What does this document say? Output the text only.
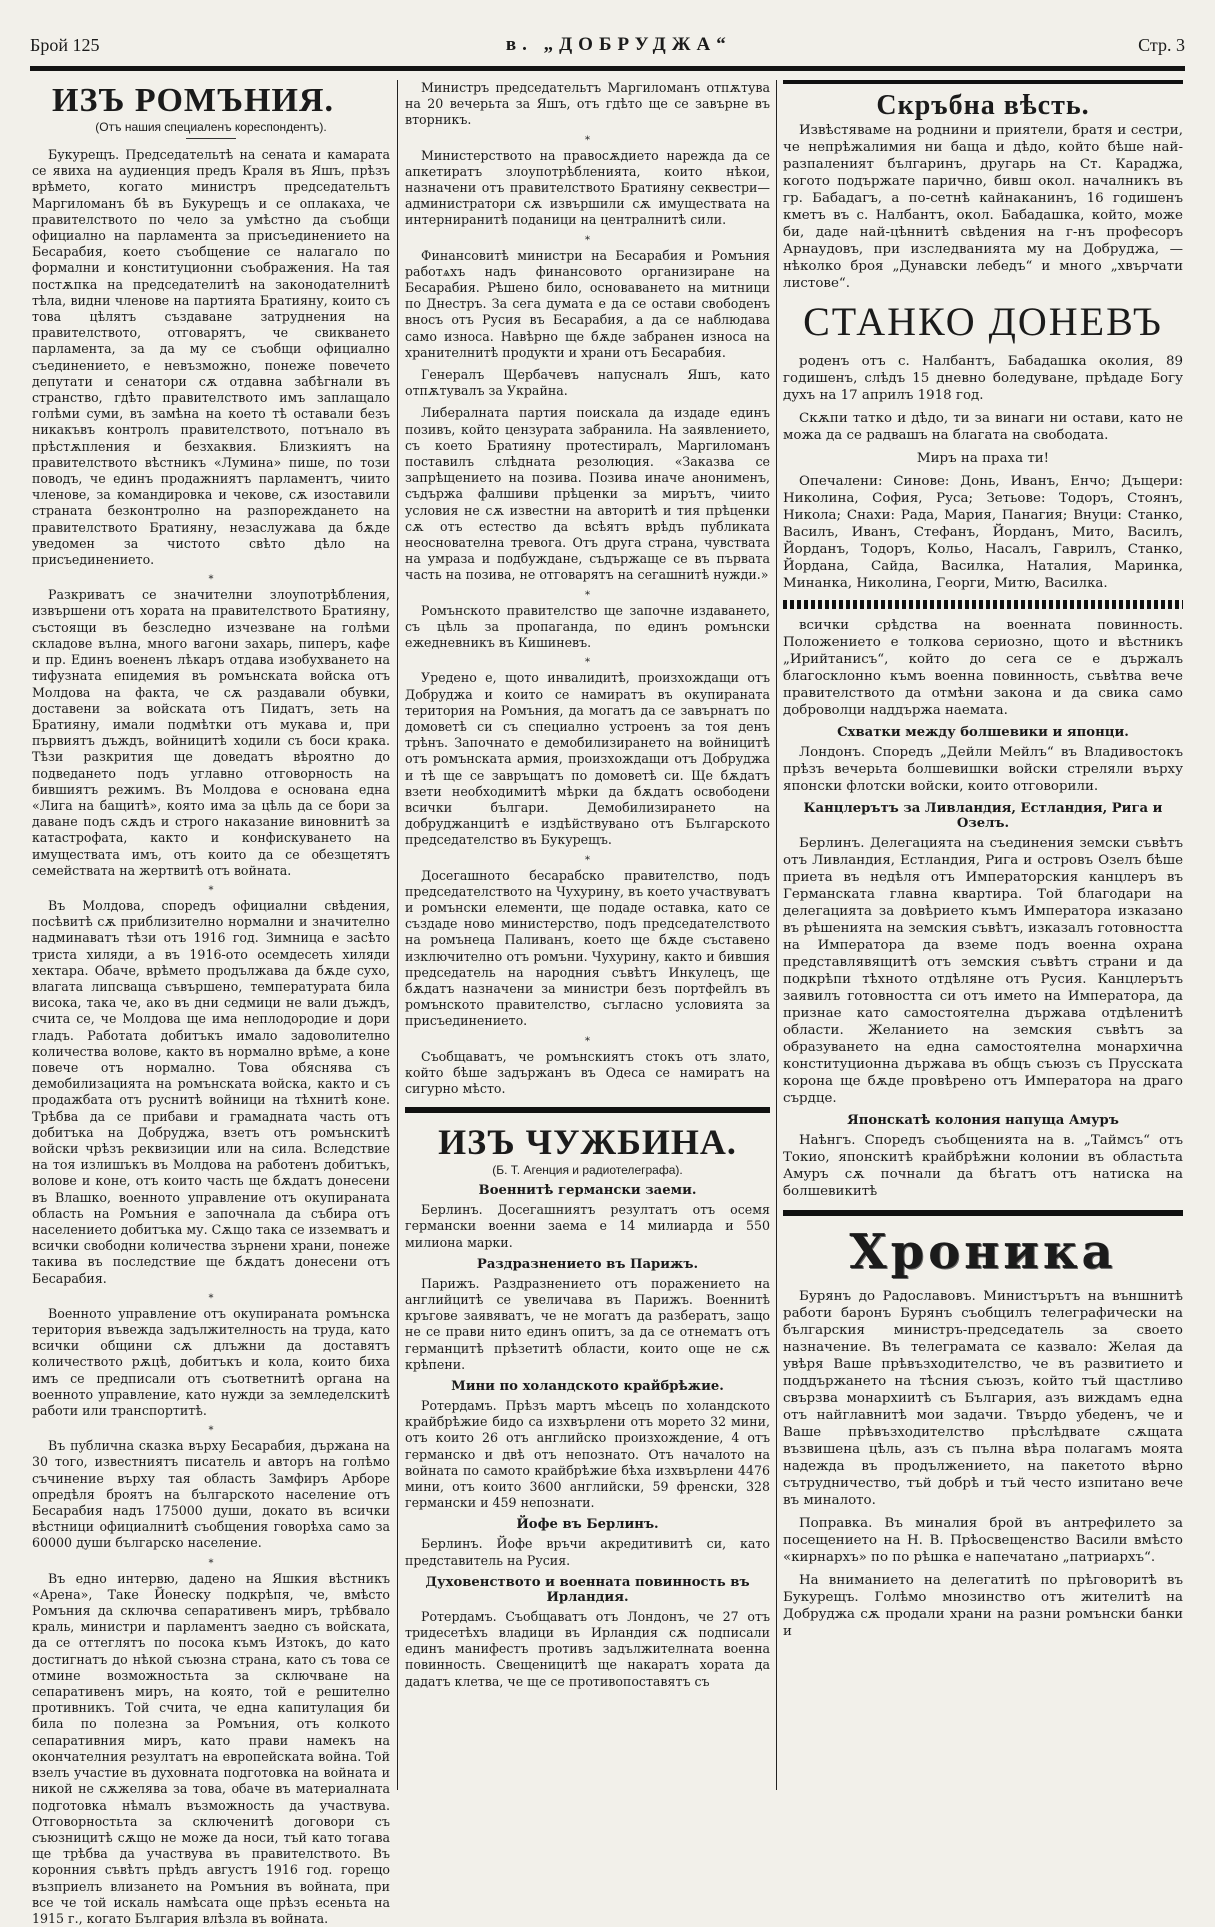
Брой 125	в. „ДОБРУДЖА“	Стр. 3
ИЗЪ РОМЪНИЯ.
(Отъ нашия специаленъ кореспондентъ).

Букурещъ. Председательтѣ на сената и камарата се явиха на аудиенция предъ Краля въ Яшъ, прѣзъ врѣмето, когато министръ председательтъ Маргиломанъ бѣ въ Букурещъ и се оплакаха, че правителството по чело за умѣстно да съобщи официално на парламента за присъединението на Бесарабия, което съобщение се налагало по формални и конституционни съображения. На тая постѫпка на председателитѣ на законодателнитѣ тѣла, видни членове на партията Братияну, които съ това цѣлятъ създаване затруднения на правителството, отговарятъ, че свикването парламента, за да му се съобщи официално съединението, е невъзможно, понеже повечето депутати и сенатори сѫ отдавна забѣгнали въ странство, гдѣто правителството имъ заплащало голѣми суми, въ замѣна на което тѣ оставали безъ никакъвъ контролъ правителството, потънало въ прѣстѫпления и безхаквия. Близкиятъ на правителството вѣстникъ «Лумина» пише, по този поводъ, че единъ продажниятъ парламентъ, чиито членове, за командировка и чекове, сѫ изоставили страната безконтролно на разпореждането на правителството Братияну, незаслужава да бѫде уведомен за чистото свѣто дѣло на присъединението.

*

Разкриватъ се значителни злоупотрѣбления, извършени отъ хората на правителството Братияну, състоящи въ безследно изчезване на голѣми складове вълна, много вагони захарь, пиперъ, кафе и пр. Единъ воененъ лѣкаръ отдава изобухването на тифузната епидемия въ ромънската войска отъ Молдова на факта, че сѫ раздавали обувки, доставени за войската отъ Пидатъ, зеть на Братияну, имали подмѣтки отъ мукава и, при първиятъ дъждъ, войницитѣ ходили съ боси крака. Тѣзи разкрития ще доведатъ вѣроятно до подведането подъ углавно отговорность на бившиятъ режимъ. Въ Молдова е основана една «Лига на бащитѣ», която има за цѣль да се бори за даване подъ сѫдъ и строго наказание виновнитѣ за катастрофата, както и конфискуването на имуществата имъ, отъ които да се обезщетятъ семействата на жертвитѣ отъ войната.

*

Въ Молдова, споредъ официални свѣдения, посѣвитѣ сѫ приблизително нормални и значително надминаватъ тѣзи отъ 1916 год. Зимница е засѣто триста хиляди, а въ 1916-ото осемдесеть хиляди хектара. Обаче, врѣмето продължава да бѫде сухо, влагата липсваща съвършено, температурата била висока, така че, ако въ дни седмици не вали дъждъ, считa се, че Молдова ще има неплодородие и дори гладъ. Работата добитъкъ имало задоволително количества волове, както въ нормално врѣме, а коне повече отъ нормално. Това обяснява съ демобилизацията на ромънската войска, както и съ продажбата отъ руснитѣ войници на тѣхнитѣ коне. Трѣбва да се прибави и грамадната часть отъ добитъка на Добруджа, взетъ отъ ромънскитѣ войски чрѣзъ реквизиции или на сила. Вследствие на тоя излишъкъ въ Молдова на работенъ добитъкъ, волове и коне, отъ които часть ще бѫдатъ донесени въ Влашко, военното управление отъ окупираната область на Ромъния е започнала да събира отъ населението добитъка му. Сѫщо така се изземватъ и всички свободни количества зърнени храни, понеже такива въ последствие ще бѫдатъ донесени отъ Бесарабия.

*

Военното управление отъ окупираната ромънска територия въвежда задължителность на труда, като всички общини сѫ длъжни да доставятъ количеството рѫцѣ, добитъкъ и кола, които биха имъ се предписали отъ съответнитѣ органа на военното управление, като нужди за земледелскитѣ работи или транспортитѣ.

*

Въ публична сказка върху Бесарабия, държана на 30 того, известниятъ писатель и авторъ на голѣмо съчинение върху тая область Замфиръ Арборе опредѣля броятъ на българското население отъ Бесарабия надъ 175000 души, докато въ всички вѣстници официалнитѣ съобщения говорѣха само за 60000 души българско население.

*

Въ едно интервю, дадено на Яшкия вѣстникъ «Арена», Таке Йонеску подкрѣпя, че, вмѣсто Ромъния да сключва сепаративенъ миръ, трѣбвало краль, министри и парламентъ заедно съ войската, да се оттеглятъ по посока къмъ Изтокъ, до като достигнатъ до нѣкой съюзна страна, като съ това се отмине возможностьта за сключване на сепаративенъ миръ, на която, той е решително противникъ. Той счита, че една капитулация би била по полезна за Ромъния, отъ колкото сепаративния миръ, като прави намекъ на окончателния резултатъ на европейската война. Той взелъ участие въ духовната подготовка на войната и никой не сѫжелява за това, обаче въ материалната подготовка нѣмалъ възможность да участвува. Отговорностьта за сключенитѣ договори съ съюзницитѣ сѫщо не може да носи, тъй като тогава ще трѣбва да участвува въ правителството. Въ коронния съвѣтъ прѣдъ августъ 1916 год. горещо възприелъ влизането на Ромъния въ войната, при все че той искаль намѣсата още прѣзъ есеньта на 1915 г., когато България влѣзла въ войната.

Министръ председательтъ Маргиломанъ отпѫтува на 20 вечерьта за Яшъ, отъ гдѣто ще се завърне въ вторникъ.

*

Министерството на правосѫдието нарежда да се апкетиратъ злоупотрѣбленията, които нѣкои, назначени отъ правителството Братияну секвестри—администратори сѫ извършили сѫ имуществата на интерниранитѣ поданици на централнитѣ сили.

*

Финансовитѣ министри на Бесарабия и Ромъния работѧхъ надъ финансовото организиране на Бесарабия. Рѣшено било, основаването на митници по Днестръ. За сега думата е да се остави свободенъ вносъ отъ Русия въ Бесарабия, а да се наблюдава само износа. Навѣрно ще бѫде забранен износа на хранителнитѣ продукти и храни отъ Бесарабия.

Генералъ Щербачевъ напусналъ Яшъ, като отпѫтувалъ за Украйна.

Либералната партия поискала да издаде единъ позивъ, който цензурата забранила. На заявлението, съ което Братияну протестиралъ, Маргиломанъ поставилъ слѣдната резолюция. «Заказва се запрѣщението на позива. Позива иначе анонименъ, съдържа фалшиви прѣценки за мирътъ, чиито условия не сѫ известни на авторитѣ и тия прѣценки сѫ отъ естество да всѣятъ врѣдъ публиката неоснователна тревога. Отъ друга страна, чувствата на умраза и подбуждане, съдържаще се въ първата часть на позива, не отговарятъ на сегашнитѣ нужди.»

*

Ромънското правителство ще започне издаването, съ цѣль за пропаганда, по единъ ромънски ежедневникъ въ Кишиневъ.

*

Уредено е, щото инвалидитѣ, произхождащи отъ Добруджа и които се намиратъ въ окупираната територия на Ромъния, да могатъ да се завърнатъ по домоветѣ си съ специално устроенъ за тоя денъ трѣнъ. Започнато е демобилизирането на войницитѣ отъ ромънската армия, произхождащи отъ Добруджа и тѣ ще се завръщатъ по домоветѣ си. Ще бѫдатъ взети необходимитѣ мѣрки да бѫдатъ освободени всички българи. Демобилизирането на добруджанцитѣ е издѣйствувано отъ Българското председателство въ Букурещъ.

*

Досегашното бесарабско правителство, подъ председателството на Чухурину, въ което участвуватъ и ромънски елементи, ще подаде оставка, като се създаде ново министерство, подъ председателството на ромънеца Паливанъ, което ще бѫде съставено изключително отъ ромъни. Чухурину, както и бившия председатель на народния съвѣтъ Инкулецъ, ще бѫдатъ назначени за министри безъ портфейлъ въ ромънското правителство, съгласно условията за присъединението.

*

Съобщаватъ, че ромънскиятъ стокъ отъ злато, който бѣше задържанъ въ Одеса се намиратъ на сигурно мѣсто.

ИЗЪ ЧУЖБИНА.
(Б. Т. Агенция и радиотелеграфа).
Военнитѣ германски заеми.

Берлинъ. Досегашниятъ резултатъ отъ осемя германски военни заема е 14 милиарда и 550 милиона марки.

Раздразнението въ Парижъ.

Парижъ. Раздразнението отъ поражението на английцитѣ се увеличава въ Парижъ. Военнитѣ кръгове заявяватъ, че не могатъ да разбератъ, защо не се прави нито единъ опитъ, за да се отнематъ отъ германцитѣ прѣзетитѣ области, които още не сѫ крѣпени.

Мини по холандското крайбрѣжие.

Ротердамъ. Прѣзъ мартъ мѣсецъ по холандското крайбрѣжие бидо са изхвърлени отъ морето 32 мини, отъ които 26 отъ английско произхождение, 4 отъ германско и двѣ отъ непознато. Отъ началото на войната по самото крайбрѣжие бѣха изхвърлени 4476 мини, отъ които 3600 английски, 59 френски, 328 германски и 459 непознати.

Йофе въ Берлинъ.

Берлинъ. Йофе връчи акредитивитѣ си, като представитель на Русия.

Духовенството и военната повинность въ Ирландия.

Ротердамъ. Съобщаватъ отъ Лондонъ, че 27 отъ тридесетѣхъ владици въ Ирландия сѫ подписали единъ манифестъ противъ задължителната военна повинность. Свещеницитѣ ще накаратъ хората да дадатъ клетва, че ще се противопоставятъ съ

Скръбна вѣсть.

Извѣстяваме на роднини и приятели, братя и сестри, че непрѣжалимия ни баща и дѣдо, който бѣше най-разпаленият българинъ, другарь на Ст. Караджа, когото подържате парично, бивш окол. началникъ въ гр. Бабадагъ, а по-сетнѣ кайнаканинъ, 16 годишенъ кметъ въ с. Налбантъ, окол. Бабадашка, който, може би, даде най-цѣннитѣ свѣдения на г-нъ професоръ Арнаудовъ, при изследванията му на Добруджа, — нѣколко броя „Дунавски лебедъ“ и много „хвърчати листове“.

СТАНКО ДОНЕВЪ

роденъ отъ с. Налбантъ, Бабадашка околия, 89 годишенъ, слѣдъ 15 дневно боледуване, прѣдаде Богу духъ на 17 априлъ 1918 год.

Скѫпи татко и дѣдо, ти за винаги ни остави, като не можа да се радвашъ на благата на свободата.

Миръ на праха ти!

Опечалени: Синове: Донь, Иванъ, Енчо; Дъщери: Николина, София, Руса; Зетьове: Тодоръ, Стоянъ, Никола; Снахи: Рада, Мария, Панагия; Внуци: Станко, Василъ, Иванъ, Стефанъ, Йорданъ, Мито, Василъ, Йорданъ, Тодоръ, Кольо, Насалъ, Гаврилъ, Станко, Йордана, Сайда, Василка, Наталия, Маринка, Минанка, Николина, Георги, Митю, Василка.

всички срѣдства на военната повинность. Положението е толкова сериозно, щото и вѣстникъ „Ирийтанисъ“, който до сега се е държалъ благосклонно къмъ военна повинность, съвѣтва вече правителството да отмѣни закона и да свика само доброволци наддържа наемата.

Схватки между болшевики и японци.

Лондонъ. Споредъ „Дейли Мейлъ“ въ Владивостокъ прѣзъ вечерьта болшевишки войски стреляли върху японски флотски войски, които отговорили.

Канцлерътъ за Ливландия, Естландия, Рига и Озелъ.

Берлинъ. Делегацията на съединения земски съвѣтъ отъ Ливландия, Естландия, Рига и островъ Озелъ бѣше приета въ недѣля отъ Императорския канцлеръ въ Германската главна квартира. Той благодари на делегацията за довѣрието къмъ Императора изказано въ рѣшенията на земския съвѣтъ, изказалъ готовността на Императора да вземе подъ военна охрана представлявящитѣ отъ земския съвѣтъ страни и да подкрѣпи тѣхното отдѣляне отъ Русия. Канцлерътъ заявилъ готовността си отъ името на Императора, да признае като самостоятелна държава отдѣленитѣ области. Желанието на земския съвѣтъ за образуването на една самостоятелна монархична конституционна държава въ общъ съюзъ съ Прусската корона ще бѫде провѣрено отъ Императора на драго сърдце.

Японскатѣ колония напуща Амуръ

Наѣнгъ. Споредъ съобщенията на в. „Таймсъ“ отъ Токио, японскитѣ крайбрѣжни колонии въ областьта Амуръ сѫ почнали да бѣгатъ отъ натиска на болшевикитѣ

Хроника

Бурянъ до Радославовъ. Министърътъ на външнитѣ работи баронъ Бурянъ съобщилъ телеграфически на българския министръ-председатель за своето назначение. Въ телеграмата се казвало: Желая да увѣря Вашe прѣвъзходителство, че въ развитието и поддържането на тѣсния съюзъ, който тъй щастливо свързва монархиитѣ съ България, азъ виждамъ една отъ найглавнитѣ мои задачи. Твърдо убеденъ, че и Ваше прѣвъзходителство прѣслѣдвате сѫщата възвишена цѣль, азъ съ пълна вѣра полагамъ моята надежда въ продължението, на пакетото вѣрно сътрудничество, тъй добрѣ и тъй често изпитано вече въ миналото.

Поправка. Въ миналия брой въ антрефилето за посещението на Н. В. Прѣосвещенство Васили вмѣсто «кирнархъ» по по рѣшка е напечатано „патриархъ“.

На вниманието на делегатитѣ по прѣговоритѣ въ Букурещъ. Голѣмо мнозинство отъ жителитѣ на Добруджа сѫ продали храни на разни ромънски банки и
